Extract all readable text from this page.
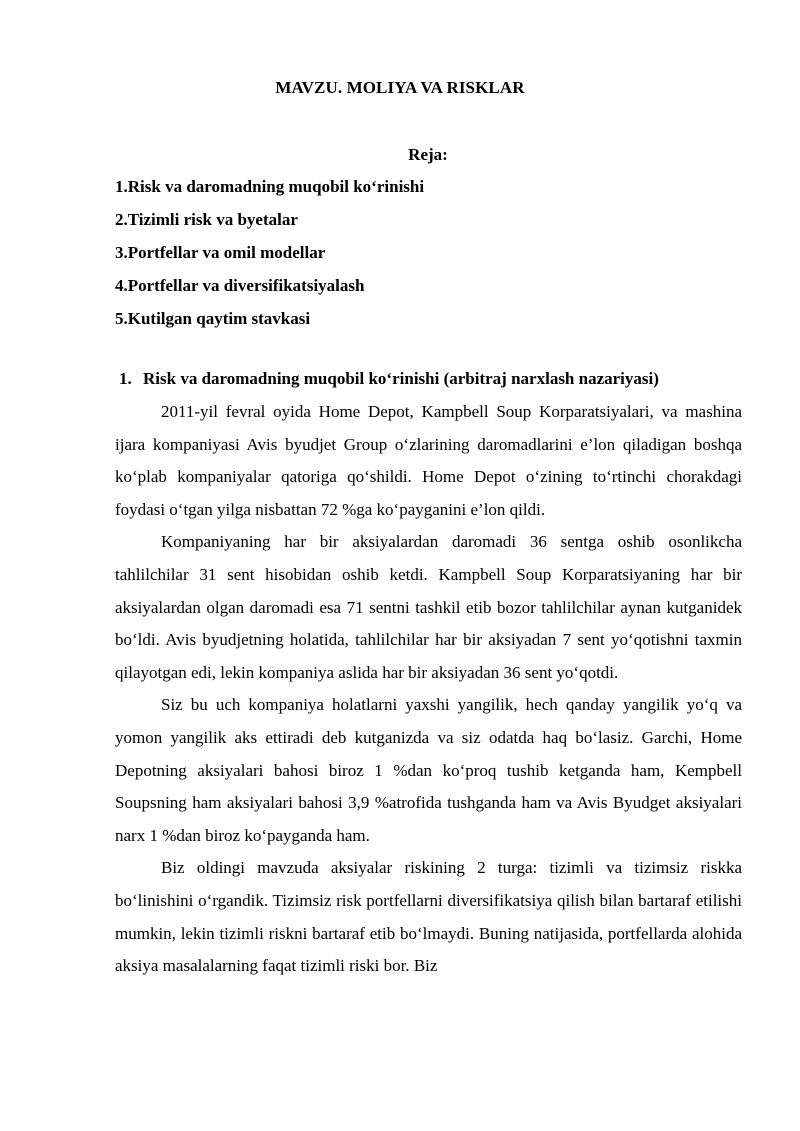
MAVZU. MOLIYA VA RISKLAR
Reja:
1.Risk va daromadning muqobil ko‘rinishi
2.Tizimli risk va byetalar
3.Portfellar va omil modellar
4.Portfellar va diversifikatsiyalash
5.Kutilgan qaytim stavkasi
1. Risk va daromadning muqobil ko‘rinishi (arbitraj narxlash nazariyasi)

2011-yil fevral oyida Home Depot, Kampbell Soup Korparatsiyalari, va mashina ijara kompaniyasi Avis byudjet Group o‘zlarining daromadlarini e’lon qiladigan boshqa ko‘plab kompaniyalar qatoriga qo‘shildi. Home Depot o‘zining to‘rtinchi chorakdagi foydasi o‘tgan yilga nisbattan 72 %ga ko‘payganini e’lon qildi.

Kompaniyaning har bir aksiyalardan daromadi 36 sentga oshib osonlikcha tahlilchilar 31 sent hisobidan oshib ketdi. Kampbell Soup Korparatsiyaning har bir aksiyalardan olgan daromadi esa 71 sentni tashkil etib bozor tahlilchilar aynan kutganidek bo‘ldi. Avis byudjetning holatida, tahlilchilar har bir aksiyadan 7 sent yo‘qotishni taxmin qilayotgan edi, lekin kompaniya aslida har bir aksiyadan 36 sent yo‘qotdi.

Siz bu uch kompaniya holatlarni yaxshi yangilik, hech qanday yangilik yo‘q va yomon yangilik aks ettiradi deb kutganizda va siz odatda haq bo‘lasiz. Garchi, Home Depotning aksiyalari bahosi biroz 1 %dan ko‘proq tushib ketganda ham, Kempbell Soupsning ham aksiyalari bahosi 3,9 %atrofida tushganda ham va Avis Byudget aksiyalari narx 1 %dan biroz ko‘payganda ham.

Biz oldingi mavzuda aksiyalar riskining 2 turga: tizimli va tizimsiz riskka bo‘linishini o‘rgandik. Tizimsiz risk portfellarni diversifikatsiya qilish bilan bartaraf etilishi mumkin, lekin tizimli riskni bartaraf etib bo‘lmaydi. Buning natijasida, portfellarda alohida aksiya masalalarning faqat tizimli riski bor. Biz
